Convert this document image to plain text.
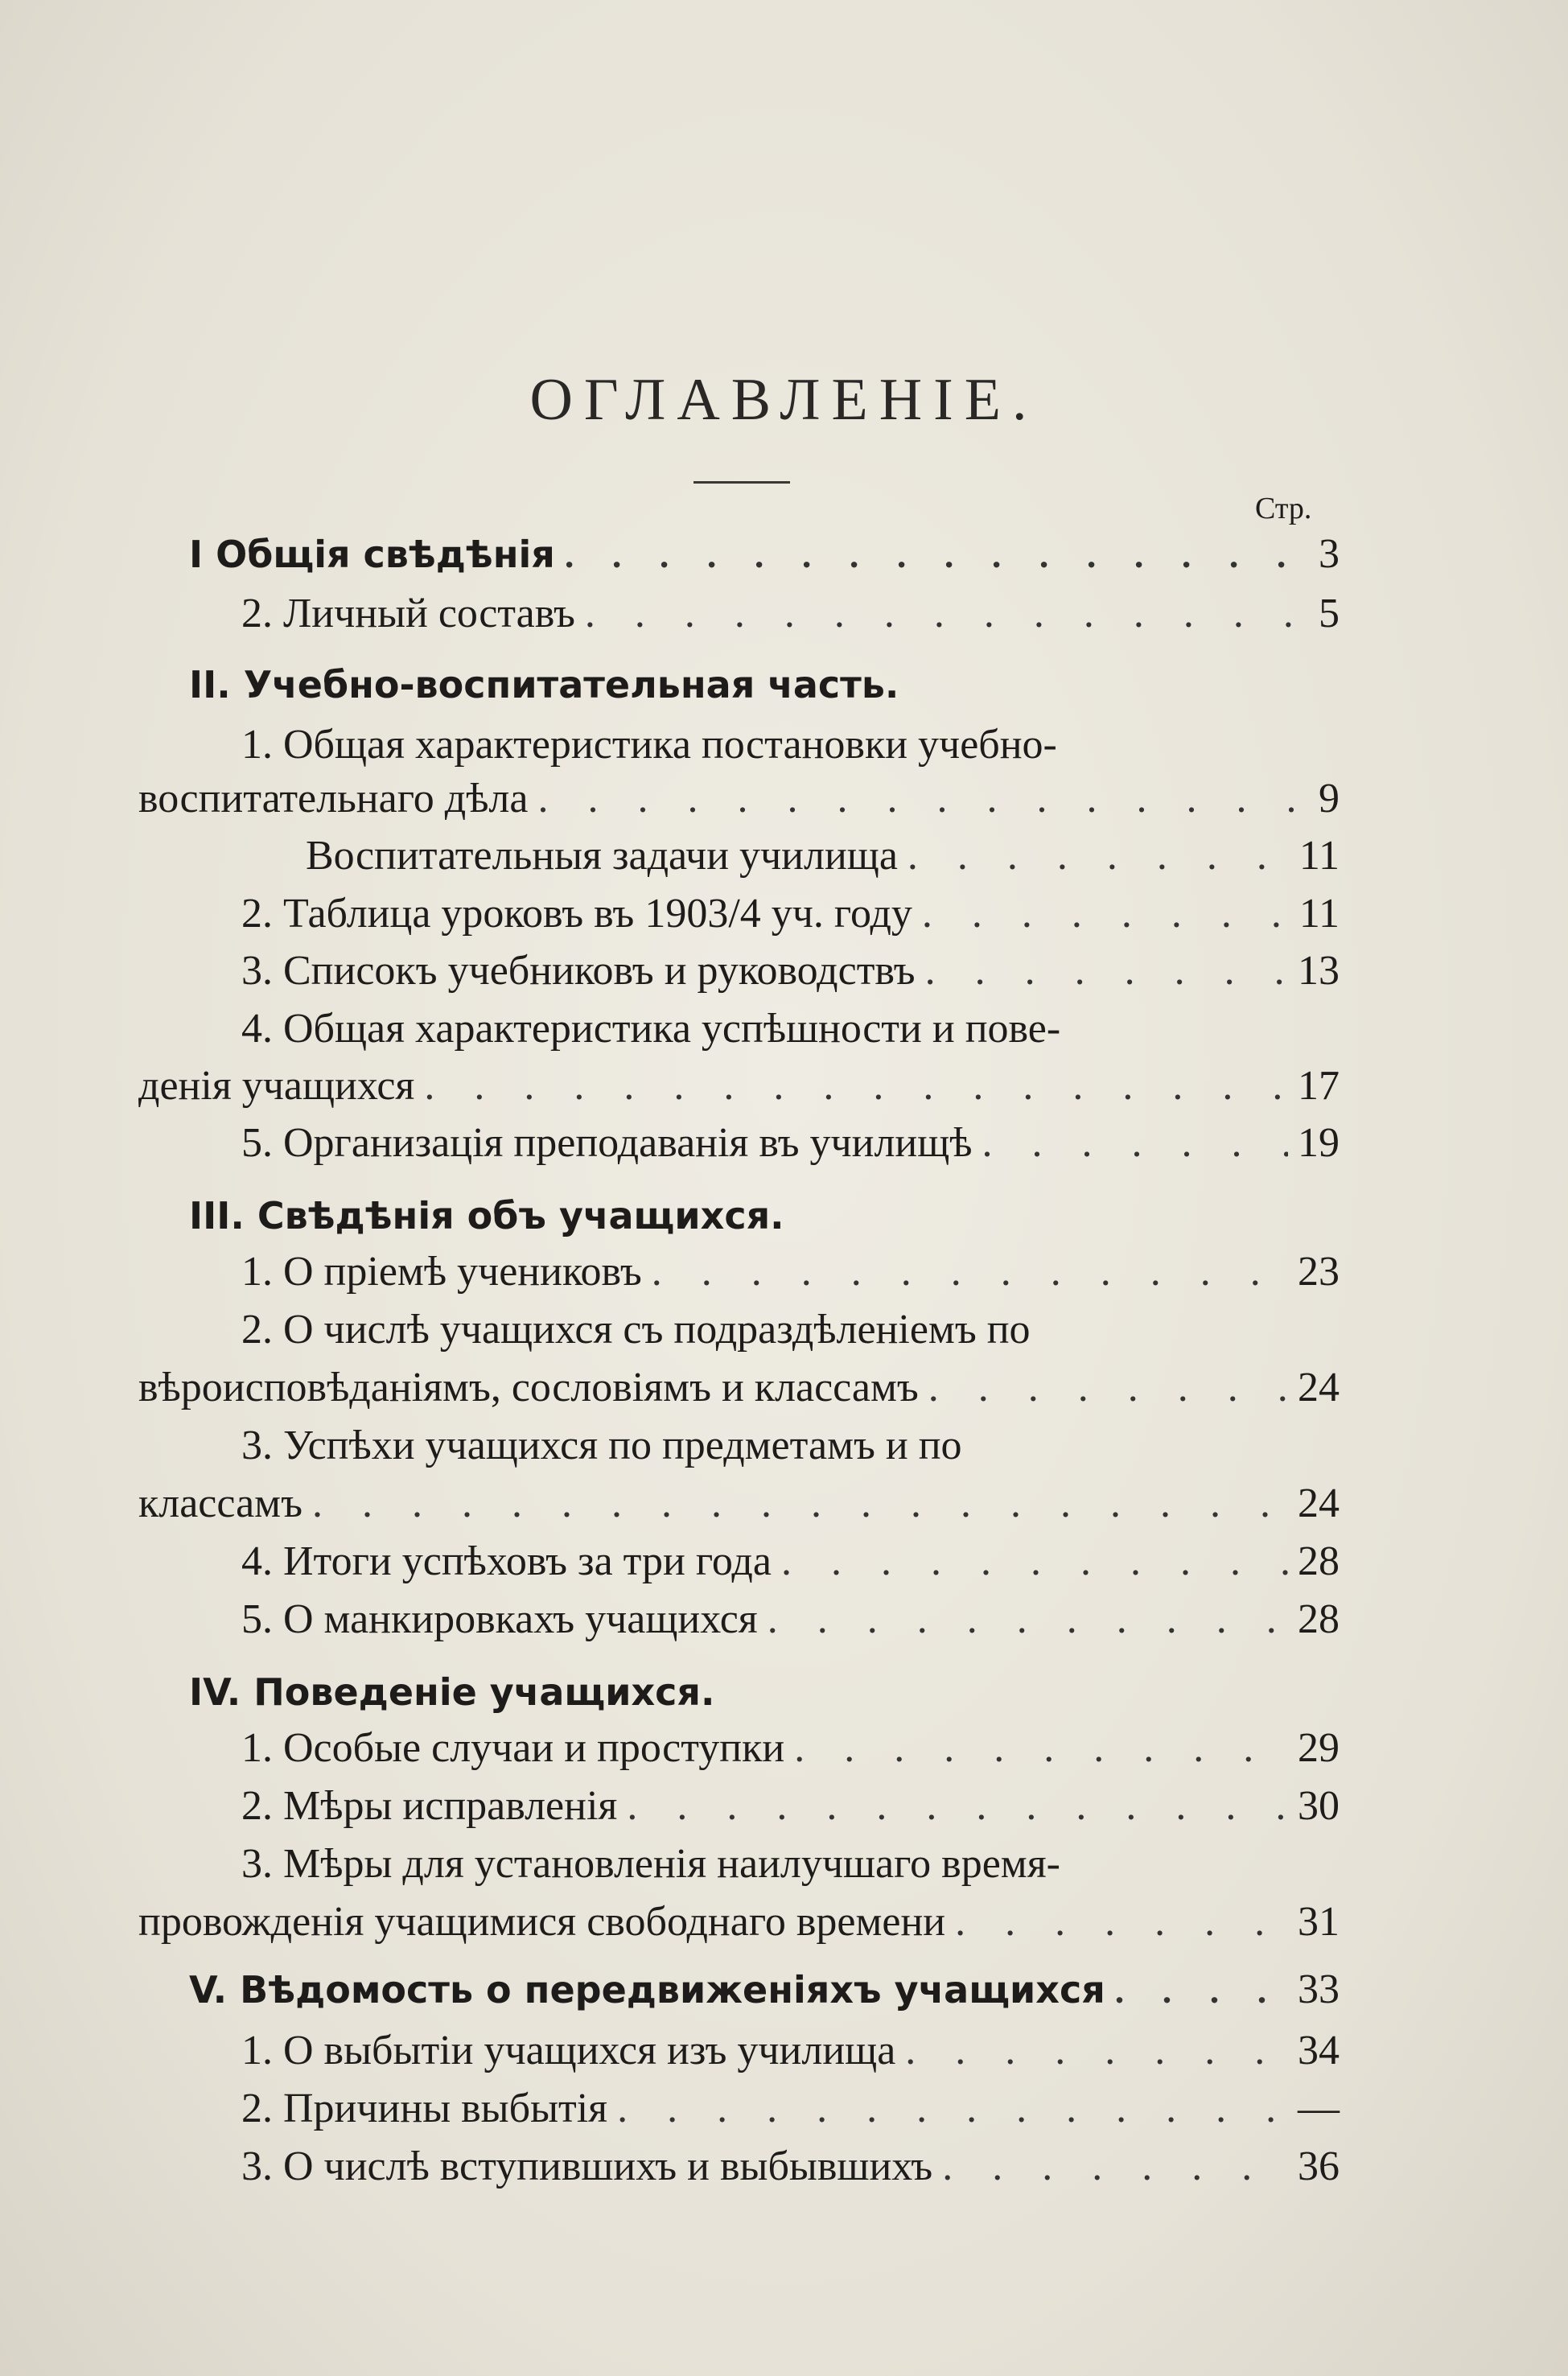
ОГЛАВЛЕНІЕ.
Стр.
I Общія свѣдѣнія . . .	3
2. Личный составъ . . .	5
II. Учебно-воспитательная часть.
1. Общая характеристика постановки учебно-
воспитательнаго дѣла . . .	9
Воспитательныя задачи училища . . .	11
2. Таблица уроковъ въ 1903/4 уч. году . . .	11
3. Списокъ учебниковъ и руководствъ . . .	13
4. Общая характеристика успѣшности и пове-
денія учащихся . . .	17
5. Организація преподаванія въ училищѣ . . .	19
III. Свѣдѣнія объ учащихся.
1. О пріемѣ учениковъ . . .	23
2. О числѣ учащихся съ подраздѣленіемъ по
вѣроисповѣданіямъ, сословіямъ и классамъ . . .	24
3. Успѣхи учащихся по предметамъ и по
классамъ . . .	24
4. Итоги успѣховъ за три года . . .	28
5. О манкировкахъ учащихся . . .	28
IV. Поведеніе учащихся.
1. Особые случаи и проступки . . .	29
2. Мѣры исправленія . . .	30
3. Мѣры для установленія наилучшаго время-
провожденія учащимися свободнаго времени . . .	31
V. Вѣдомость о передвиженіяхъ учащихся . . .	33
1. О выбытіи учащихся изъ училища . . .	34
2. Причины выбытія . . .	—
3. О числѣ вступившихъ и выбывшихъ . . .	36
